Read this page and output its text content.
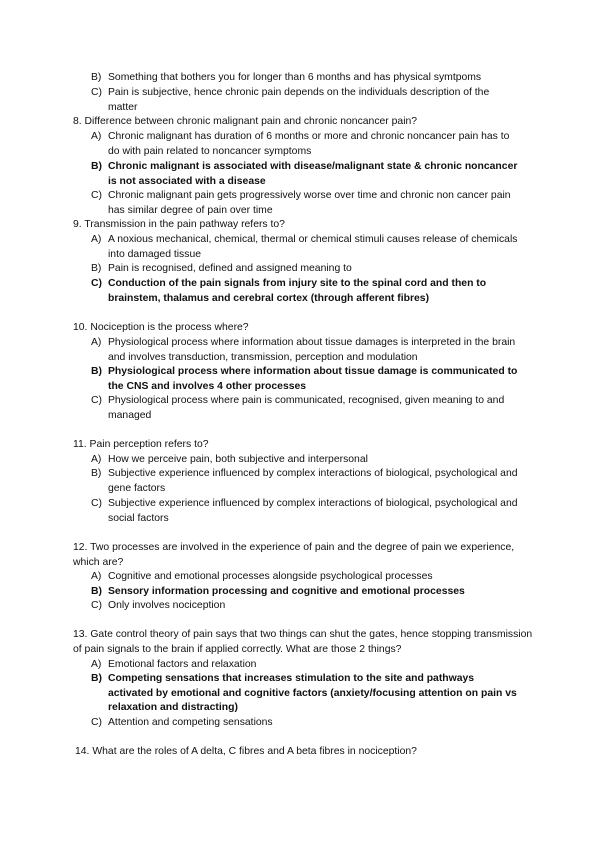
B) Something that bothers you for longer than 6 months and has physical symtpoms
C) Pain is subjective, hence chronic pain depends on the individuals description of the matter
8. Difference between chronic malignant pain and chronic noncancer pain?
A) Chronic malignant has duration of 6 months or more and chronic noncancer pain has to do with pain related to noncancer symptoms
B) Chronic malignant is associated with disease/malignant state & chronic noncancer is not associated with a disease
C) Chronic malignant pain gets progressively worse over time and chronic non cancer pain has similar degree of pain over time
9. Transmission in the pain pathway refers to?
A) A noxious mechanical, chemical, thermal or chemical stimuli causes release of chemicals into damaged tissue
B) Pain is recognised, defined and assigned meaning to
C) Conduction of the pain signals from injury site to the spinal cord and then to brainstem, thalamus and cerebral cortex (through afferent fibres)
10. Nociception is the process where?
A) Physiological process where information about tissue damages is interpreted in the brain and involves transduction, transmission, perception and modulation
B) Physiological process where information about tissue damage is communicated to the CNS and involves 4 other processes
C) Physiological process where pain is communicated, recognised, given meaning to and managed
11. Pain perception refers to?
A) How we perceive pain, both subjective and interpersonal
B) Subjective experience influenced by complex interactions of biological, psychological and gene factors
C) Subjective experience influenced by complex interactions of biological, psychological and social factors
12. Two processes are involved in the experience of pain and the degree of pain we experience, which are?
A) Cognitive and emotional processes alongside psychological processes
B) Sensory information processing and cognitive and emotional processes
C) Only involves nociception
13. Gate control theory of pain says that two things can shut the gates, hence stopping transmission of pain signals to the brain if applied correctly. What are those 2 things?
A) Emotional factors and relaxation
B) Competing sensations that increases stimulation to the site and pathways activated by emotional and cognitive factors (anxiety/focusing attention on pain vs relaxation and distracting)
C) Attention and competing sensations
14. What are the roles of A delta, C fibres and A beta fibres in nociception?
